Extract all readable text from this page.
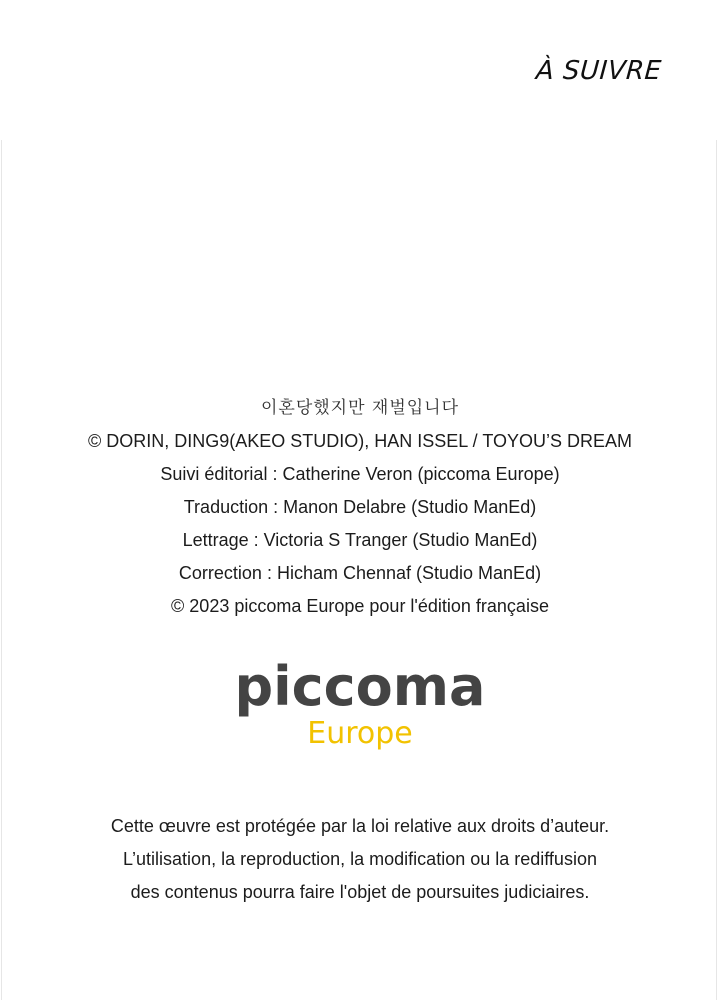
À SUIVRE
이혼당했지만 재벌입니다
© DORIN, DING9(AKEO STUDIO), HAN ISSEL / TOYOU’S DREAM
Suivi éditorial : Catherine Veron (piccoma Europe)
Traduction : Manon Delabre (Studio ManEd)
Lettrage : Victoria S Tranger (Studio ManEd)
Correction : Hicham Chennaf (Studio ManEd)
© 2023 piccoma Europe pour l'édition française
piccoma
Europe
Cette œuvre est protégée par la loi relative aux droits d’auteur.
L’utilisation, la reproduction, la modification ou la rediffusion
des contenus pourra faire l'objet de poursuites judiciaires.
